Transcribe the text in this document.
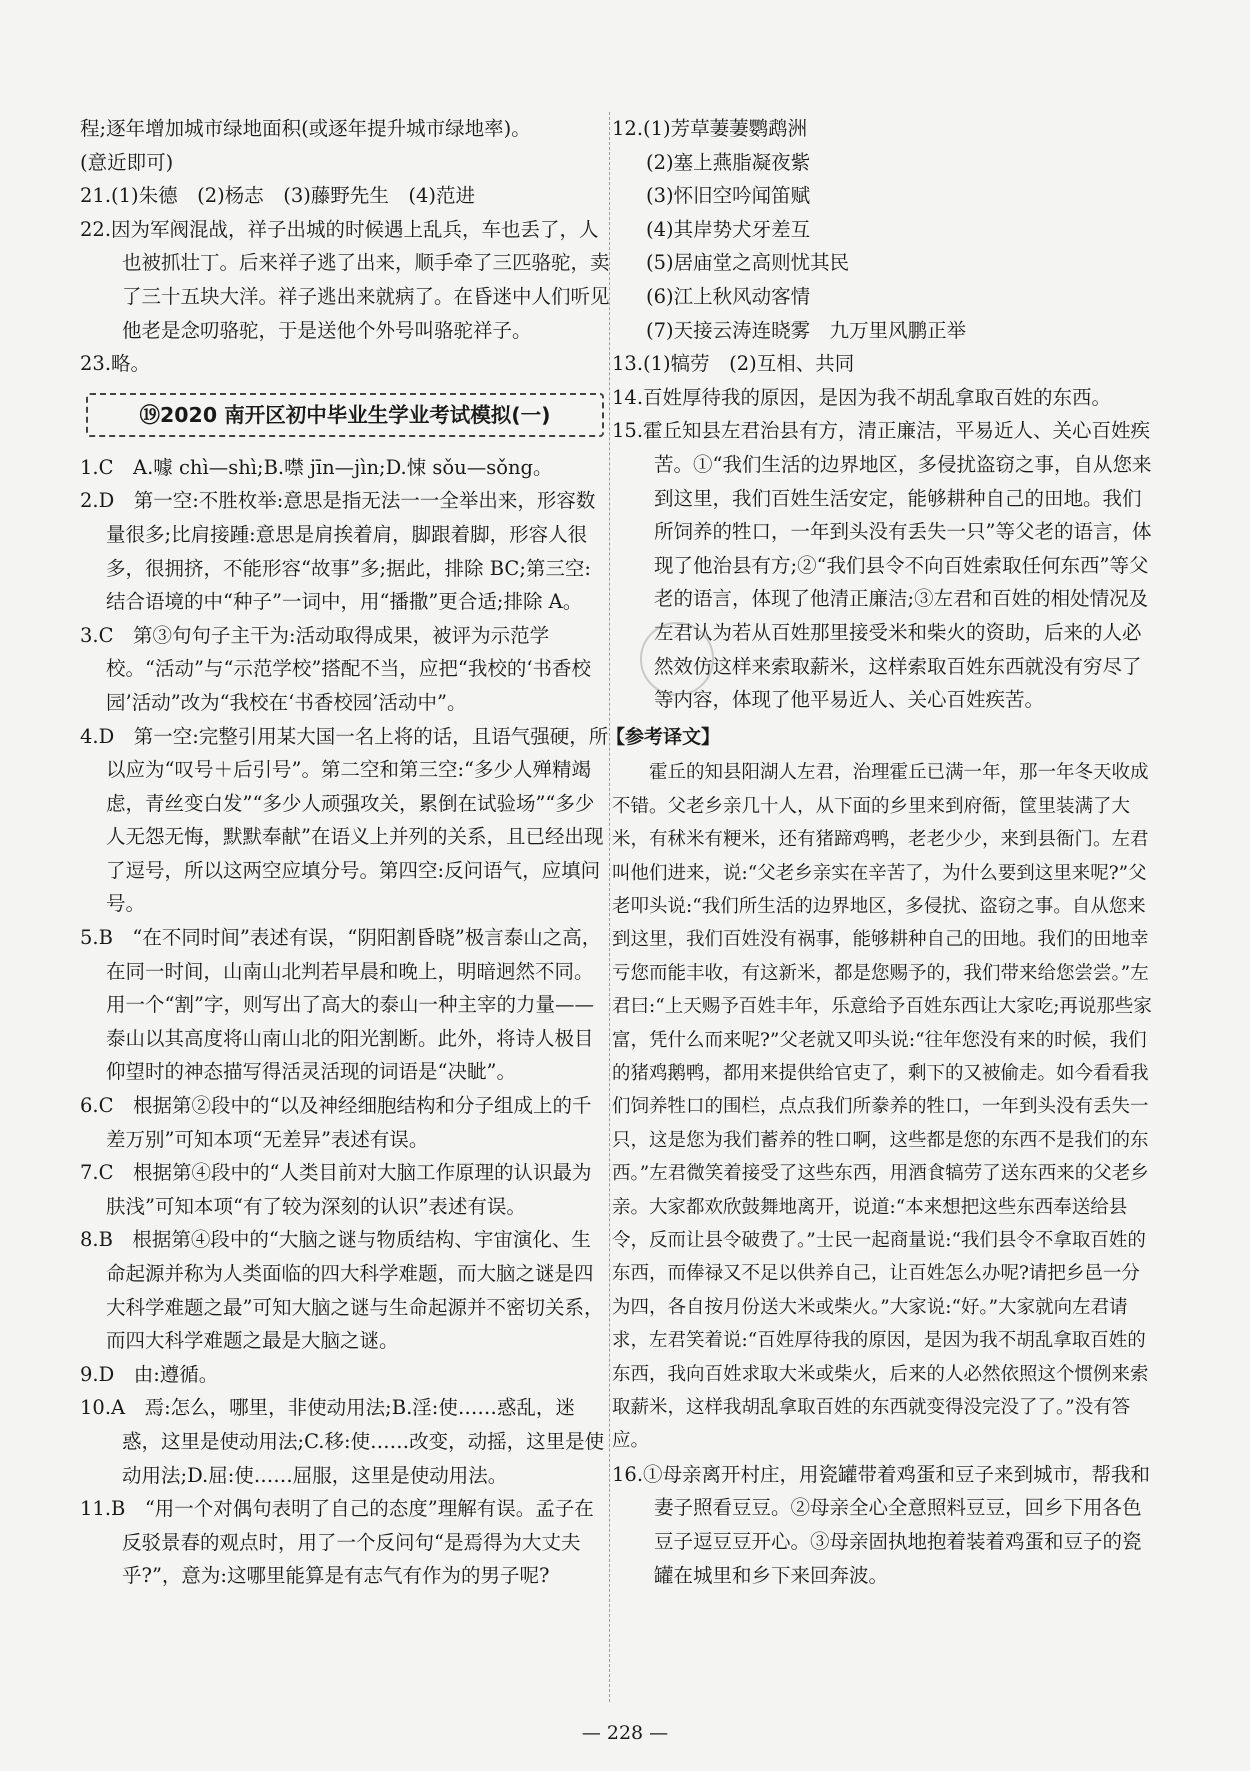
程;逐年增加城市绿地面积(或逐年提升城市绿地率)。

(意近即可)

21.(1)朱德　(2)杨志　(3)藤野先生　(4)范进

22.因为军阀混战，祥子出城的时候遇上乱兵，车也丢了，人也被抓壮丁。后来祥子逃了出来，顺手牵了三匹骆驼，卖了三十五块大洋。祥子逃出来就病了。在昏迷中人们听见他老是念叨骆驼，于是送他个外号叫骆驼祥子。

23.略。

⑲2020 南开区初中毕业生学业考试模拟(一)

1.C　A.噱 chì—shì;B.噤 jīn—jìn;D.悚 sǒu—sǒng。

2.D　第一空:不胜枚举:意思是指无法一一全举出来，形容数量很多;比肩接踵:意思是肩挨着肩，脚跟着脚，形容人很多，很拥挤，不能形容“故事”多;据此，排除 BC;第三空:结合语境的中“种子”一词中，用“播撒”更合适;排除 A。

3.C　第③句句子主干为:活动取得成果，被评为示范学校。“活动”与“示范学校”搭配不当，应把“我校的‘书香校园’活动”改为“我校在‘书香校园’活动中”。

4.D　第一空:完整引用某大国一名上将的话，且语气强硬，所以应为“叹号＋后引号”。第二空和第三空:“多少人殚精竭虑，青丝变白发”“多少人顽强攻关，累倒在试验场”“多少人无怨无悔，默默奉献”在语义上并列的关系，且已经出现了逗号，所以这两空应填分号。第四空:反问语气，应填问号。

5.B　“在不同时间”表述有误，“阴阳割昏晓”极言泰山之高，在同一时间，山南山北判若早晨和晚上，明暗迥然不同。用一个“割”字，则写出了高大的泰山一种主宰的力量——泰山以其高度将山南山北的阳光割断。此外，将诗人极目仰望时的神态描写得活灵活现的词语是“决眦”。

6.C　根据第②段中的“以及神经细胞结构和分子组成上的千差万别”可知本项“无差异”表述有误。

7.C　根据第④段中的“人类目前对大脑工作原理的认识最为肤浅”可知本项“有了较为深刻的认识”表述有误。

8.B　根据第④段中的“大脑之谜与物质结构、宇宙演化、生命起源并称为人类面临的四大科学难题，而大脑之谜是四大科学难题之最”可知大脑之谜与生命起源并不密切关系，而四大科学难题之最是大脑之谜。

9.D　由:遵循。

10.A　焉:怎么，哪里，非使动用法;B.淫:使……惑乱，迷惑，这里是使动用法;C.移:使……改变，动摇，这里是使动用法;D.屈:使……屈服，这里是使动用法。

11.B　“用一个对偶句表明了自己的态度”理解有误。孟子在反驳景春的观点时，用了一个反问句“是焉得为大丈夫乎?”，意为:这哪里能算是有志气有作为的男子呢?

12.(1)芳草萋萋鹦鹉洲

(2)塞上燕脂凝夜紫

(3)怀旧空吟闻笛赋

(4)其岸势犬牙差互

(5)居庙堂之高则忧其民

(6)江上秋风动客情

(7)天接云涛连晓雾　九万里风鹏正举

13.(1)犒劳　(2)互相、共同

14.百姓厚待我的原因，是因为我不胡乱拿取百姓的东西。

15.霍丘知县左君治县有方，清正廉洁，平易近人、关心百姓疾苦。①“我们生活的边界地区，多侵扰盗窃之事，自从您来到这里，我们百姓生活安定，能够耕种自己的田地。我们所饲养的牲口，一年到头没有丢失一只”等父老的语言，体现了他治县有方;②“我们县令不向百姓索取任何东西”等父老的语言，体现了他清正廉洁;③左君和百姓的相处情况及左君认为若从百姓那里接受米和柴火的资助，后来的人必然效仿这样来索取薪米，这样索取百姓东西就没有穷尽了等内容，体现了他平易近人、关心百姓疾苦。

【参考译文】

霍丘的知县阳湖人左君，治理霍丘已满一年，那一年冬天收成不错。父老乡亲几十人，从下面的乡里来到府衙，筐里装满了大米，有秫米有粳米，还有猪蹄鸡鸭，老老少少，来到县衙门。左君叫他们进来，说:“父老乡亲实在辛苦了，为什么要到这里来呢?”父老叩头说:“我们所生活的边界地区，多侵扰、盗窃之事。自从您来到这里，我们百姓没有祸事，能够耕种自己的田地。我们的田地幸亏您而能丰收，有这新米，都是您赐予的，我们带来给您尝尝。”左君曰:“上天赐予百姓丰年，乐意给予百姓东西让大家吃;再说那些家富，凭什么而来呢?”父老就又叩头说:“往年您没有来的时候，我们的猪鸡鹅鸭，都用来提供给官吏了，剩下的又被偷走。如今看看我们饲养牲口的围栏，点点我们所豢养的牲口，一年到头没有丢失一只，这是您为我们蓄养的牲口啊，这些都是您的东西不是我们的东西。”左君微笑着接受了这些东西，用酒食犒劳了送东西来的父老乡亲。大家都欢欣鼓舞地离开，说道:“本来想把这些东西奉送给县令，反而让县令破费了。”士民一起商量说:“我们县令不拿取百姓的东西，而俸禄又不足以供养自己，让百姓怎么办呢?请把乡邑一分为四，各自按月份送大米或柴火。”大家说:“好。”大家就向左君请求，左君笑着说:“百姓厚待我的原因，是因为我不胡乱拿取百姓的东西，我向百姓求取大米或柴火，后来的人必然依照这个惯例来索取薪米，这样我胡乱拿取百姓的东西就变得没完没了了。”没有答应。

16.①母亲离开村庄，用瓷罐带着鸡蛋和豆子来到城市，帮我和妻子照看豆豆。②母亲全心全意照料豆豆，回乡下用各色豆子逗豆豆开心。③母亲固执地抱着装着鸡蛋和豆子的瓷罐在城里和乡下来回奔波。

— 228 —
